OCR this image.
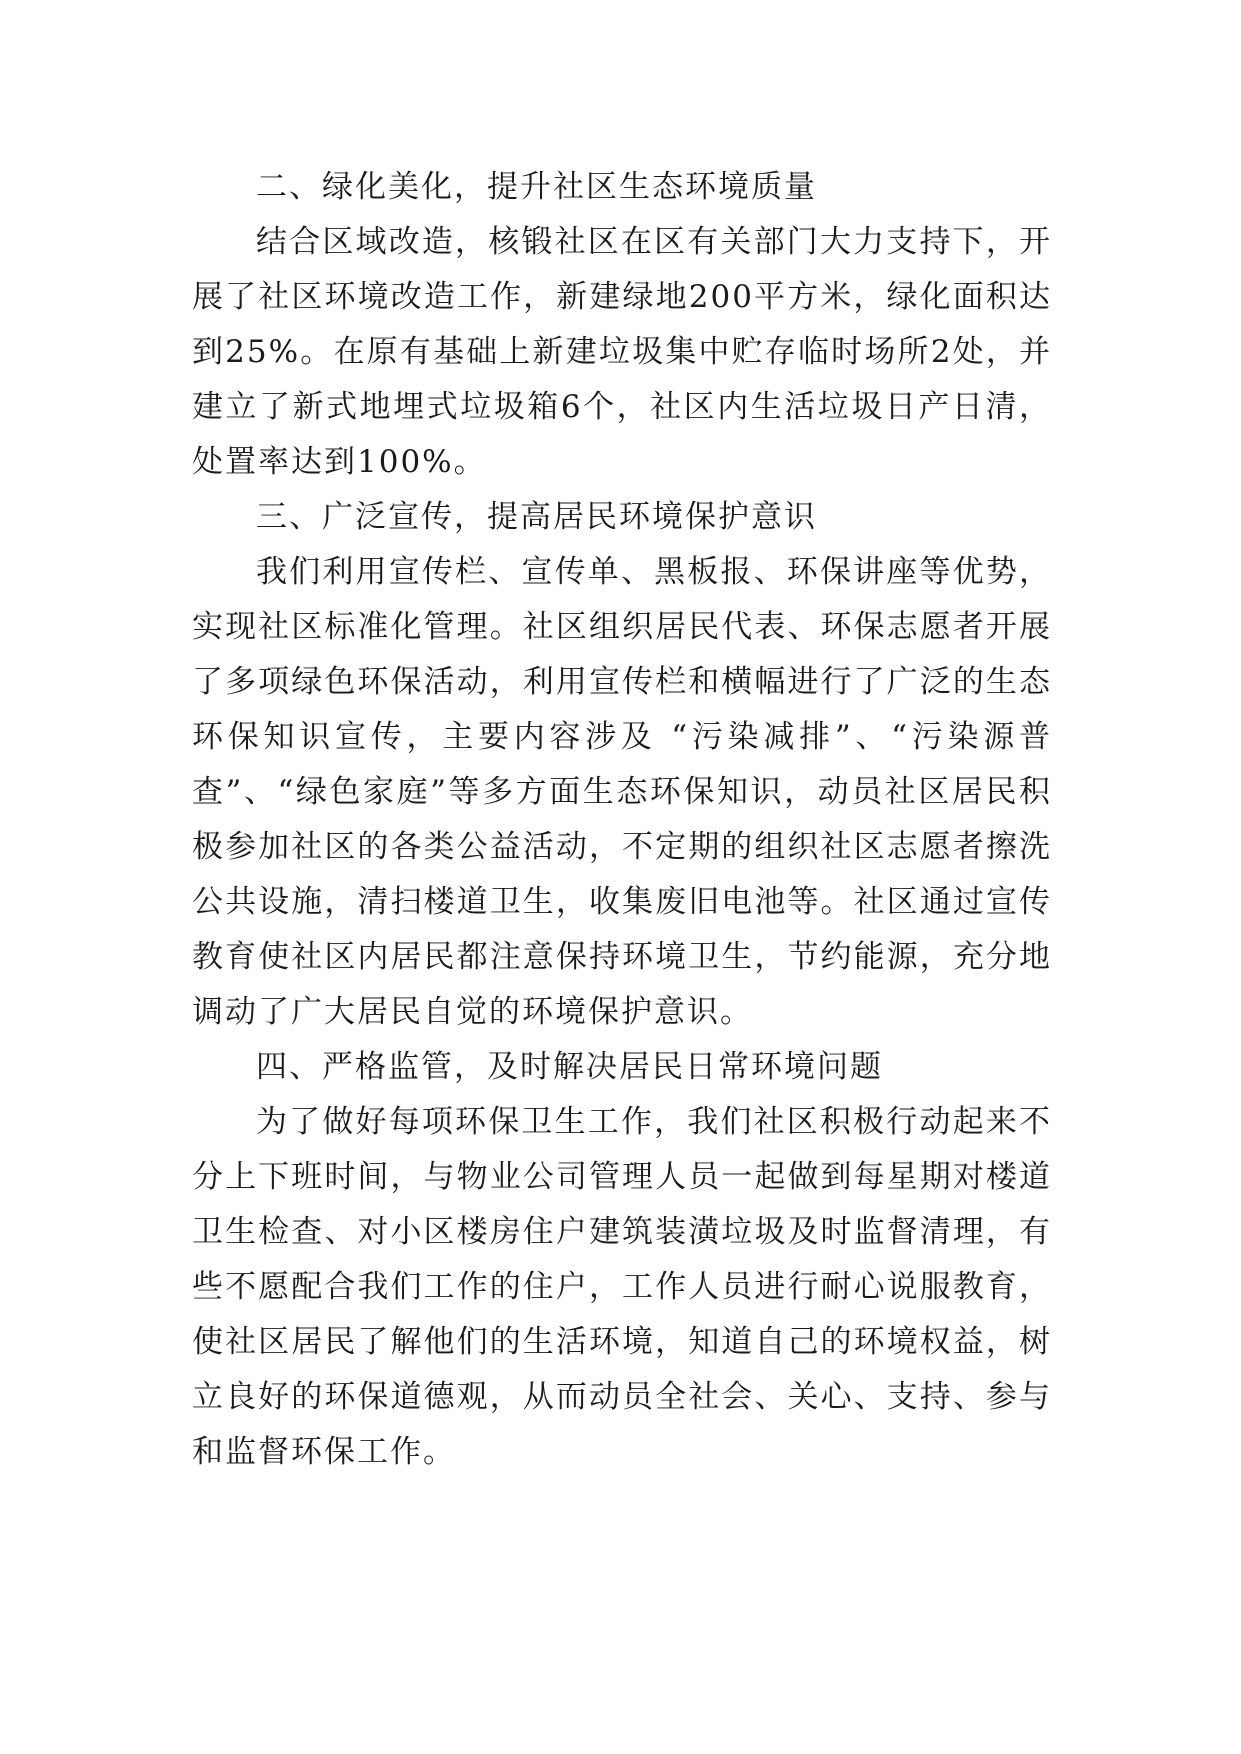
二、绿化美化，提升社区生态环境质量

结合区域改造，核锻社区在区有关部门大力支持下，开展了社区环境改造工作，新建绿地200平方米，绿化面积达到25%。在原有基础上新建垃圾集中贮存临时场所2处，并建立了新式地埋式垃圾箱6个，社区内生活垃圾日产日清，处置率达到100%。

三、广泛宣传，提高居民环境保护意识

我们利用宣传栏、宣传单、黑板报、环保讲座等优势，实现社区标准化管理。社区组织居民代表、环保志愿者开展了多项绿色环保活动，利用宣传栏和横幅进行了广泛的生态环保知识宣传，主要内容涉及 “污染减排”、“污染源普查”、“绿色家庭”等多方面生态环保知识，动员社区居民积极参加社区的各类公益活动，不定期的组织社区志愿者擦洗公共设施，清扫楼道卫生，收集废旧电池等。社区通过宣传教育使社区内居民都注意保持环境卫生，节约能源，充分地调动了广大居民自觉的环境保护意识。

四、严格监管，及时解决居民日常环境问题

为了做好每项环保卫生工作，我们社区积极行动起来不分上下班时间，与物业公司管理人员一起做到每星期对楼道卫生检查、对小区楼房住户建筑装潢垃圾及时监督清理，有些不愿配合我们工作的住户，工作人员进行耐心说服教育，使社区居民了解他们的生活环境，知道自己的环境权益，树立良好的环保道德观，从而动员全社会、关心、支持、参与和监督环保工作。
